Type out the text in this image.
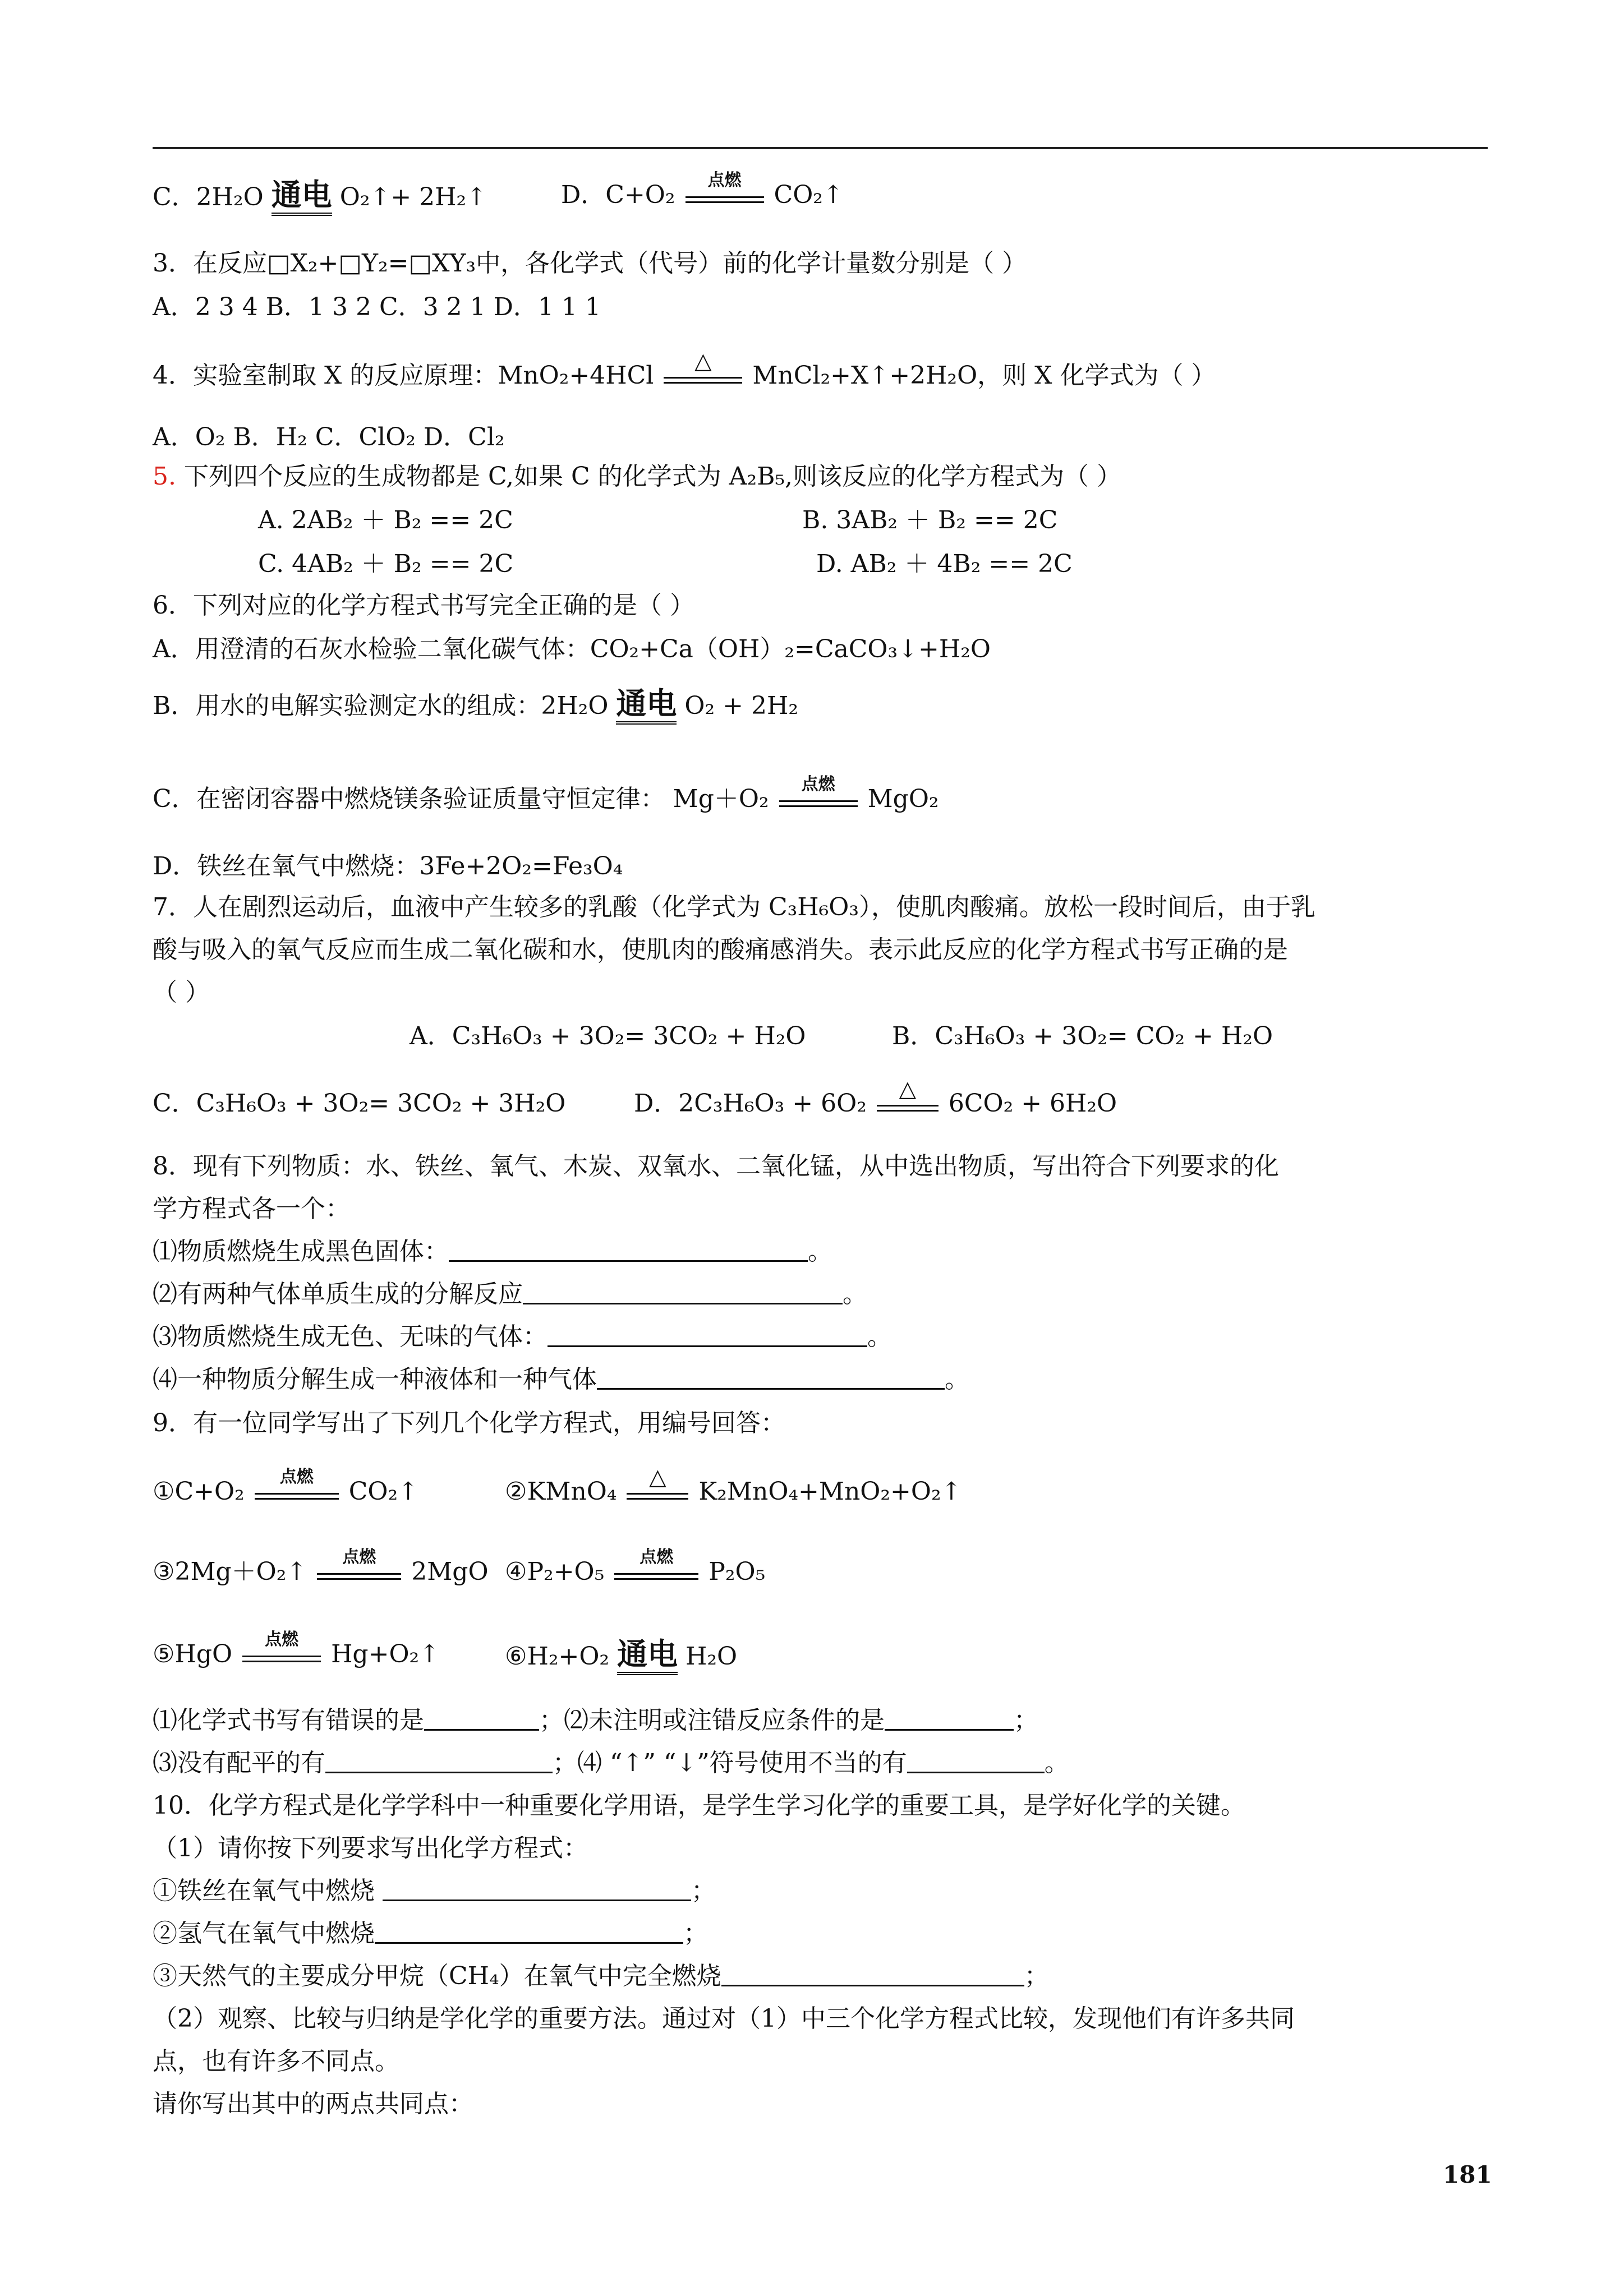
C．2H₂O 通电 O₂↑+ 2H₂↑	D．C+O₂
点燃
CO₂↑
3．在反应□X₂+□Y₂=□XY₃中，各化学式（代号）前的化学计量数分别是（ ）
A．2 3 4 B．1 3 2 C．3 2 1 D．1 1 1
4．实验室制取 X 的反应原理：MnO₂+4HCl	△	MnCl₂+X↑+2H₂O，则 X 化学式为（ ）
A．O₂ B．H₂ C．ClO₂ D．Cl₂
5. 下列四个反应的生成物都是 C,如果 C 的化学式为 A₂B₅,则该反应的化学方程式为（ ）
A. 2AB₂ ＋ B₂ == 2C	B. 3AB₂ ＋ B₂ == 2C
C. 4AB₂ ＋ B₂ == 2C	D. AB₂ ＋ 4B₂ == 2C
6．下列对应的化学方程式书写完全正确的是（ ）
A．用澄清的石灰水检验二氧化碳气体：CO₂+Ca（OH）₂=CaCO₃↓+H₂O
B．用水的电解实验测定水的组成：2H₂O 通电 O₂ + 2H₂
C．在密闭容器中燃烧镁条验证质量守恒定律： Mg＋O₂
点燃
MgO₂
D．铁丝在氧气中燃烧：3Fe+2O₂=Fe₃O₄
7．人在剧烈运动后，血液中产生较多的乳酸（化学式为 C₃H₆O₃），使肌肉酸痛。放松一段时间后，由于乳
酸与吸入的氧气反应而生成二氧化碳和水，使肌肉的酸痛感消失。表示此反应的化学方程式书写正确的是
（ ）
A．C₃H₆O₃ + 3O₂= 3CO₂ + H₂O	B．C₃H₆O₃ + 3O₂= CO₂ + H₂O
C．C₃H₆O₃ + 3O₂= 3CO₂ + 3H₂O	D．2C₃H₆O₃ + 6O₂	△	6CO₂ + 6H₂O
8．现有下列物质：水、铁丝、氧气、木炭、双氧水、二氧化锰，从中选出物质，写出符合下列要求的化
学方程式各一个：
⑴物质燃烧生成黑色固体：	。
⑵有两种气体单质生成的分解反应	。
⑶物质燃烧生成无色、无味的气体：	。
⑷一种物质分解生成一种液体和一种气体	。
9．有一位同学写出了下列几个化学方程式，用编号回答：
①C+O₂
点燃
CO₂↑	②KMnO₄	△	K₂MnO₄+MnO₂+O₂↑
③2Mg＋O₂↑
点燃
2MgO ④P₂+O₅
点燃
P₂O₅
⑤HgO
点燃
Hg+O₂↑	⑥H₂+O₂ 通电 H₂O
⑴化学式书写有错误的是	；⑵未注明或注错反应条件的是	；
⑶没有配平的有	；⑷ “↑” “↓”符号使用不当的有	。
10．化学方程式是化学学科中一种重要化学用语，是学生学习化学的重要工具，是学好化学的关键。
（1）请你按下列要求写出化学方程式：
①铁丝在氧气中燃烧	；
②氢气在氧气中燃烧	；
③天然气的主要成分甲烷（CH₄）在氧气中完全燃烧	；
（2）观察、比较与归纳是学化学的重要方法。通过对（1）中三个化学方程式比较，发现他们有许多共同
点，也有许多不同点。
请你写出其中的两点共同点：
181
